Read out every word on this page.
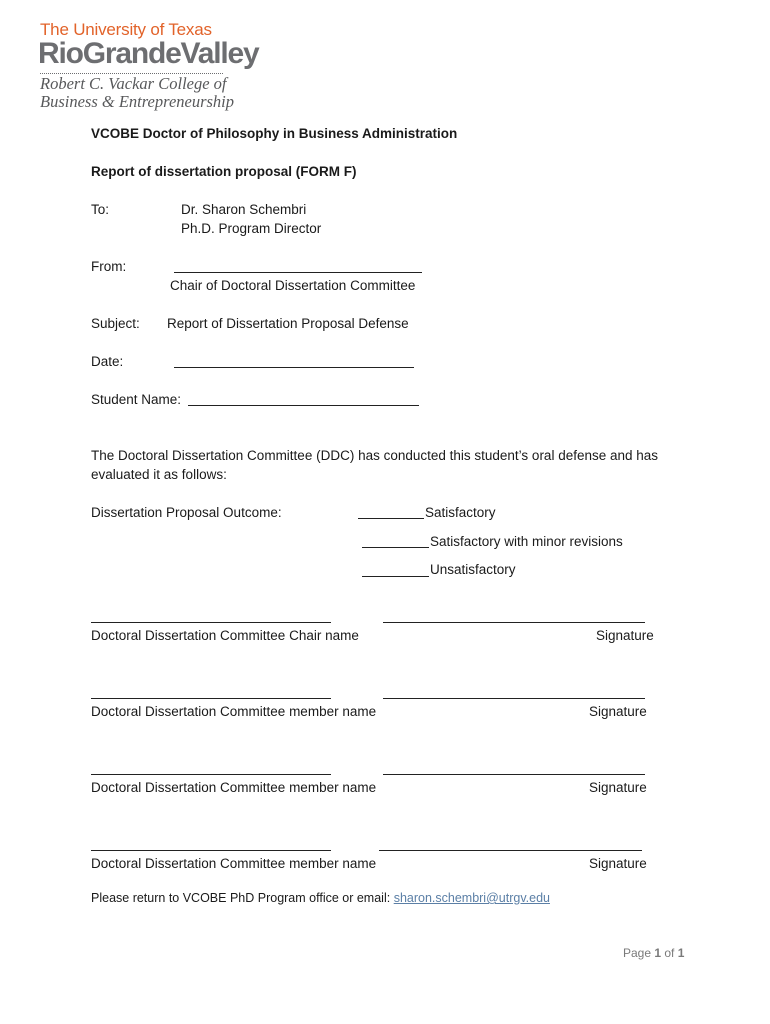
The University of Texas
RioGrandeValley
Robert C. Vackar College of
Business & Entrepreneurship
VCOBE Doctor of Philosophy in Business Administration
Report of dissertation proposal (FORM F)
To:	Dr. Sharon Schembri
Ph.D. Program Director
From:
Chair of Doctoral Dissertation Committee
Subject: Report of Dissertation Proposal Defense
Date:
Student Name:
The Doctoral Dissertation Committee (DDC) has conducted this student’s oral defense and has
evaluated it as follows:
Dissertation Proposal Outcome:	Satisfactory
Satisfactory with minor revisions
Unsatisfactory
Doctoral Dissertation Committee Chair name	Signature
Doctoral Dissertation Committee member name	Signature
Doctoral Dissertation Committee member name	Signature
Doctoral Dissertation Committee member name	Signature
Please return to VCOBE PhD Program office or email: sharon.schembri@utrgv.edu
Page 1 of 1
